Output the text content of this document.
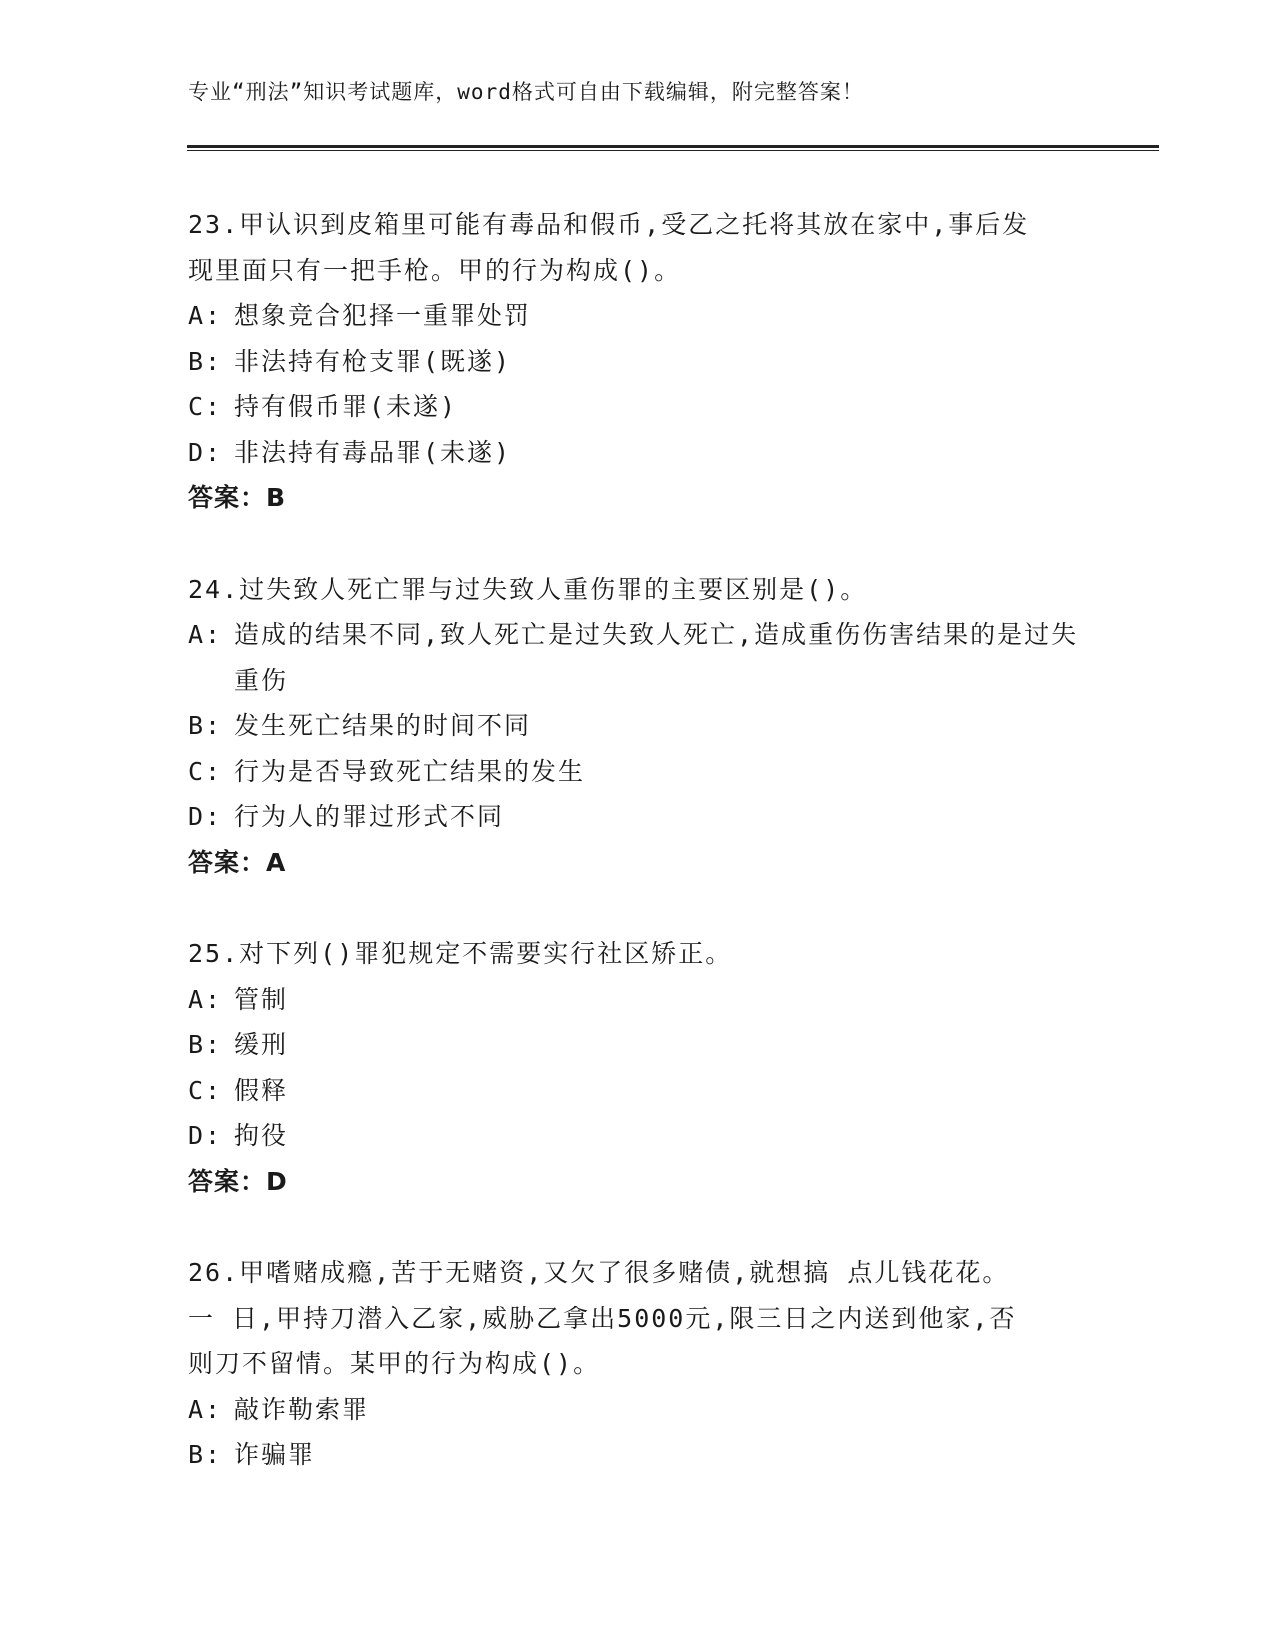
专业“刑法”知识考试题库，word格式可自由下载编辑，附完整答案！
23.甲认识到皮箱里可能有毒品和假币,受乙之托将其放在家中,事后发
现里面只有一把手枪。甲的行为构成()。
A: 想象竞合犯择一重罪处罚
B: 非法持有枪支罪(既遂)
C: 持有假币罪(未遂)
D: 非法持有毒品罪(未遂)
答案：B
24.过失致人死亡罪与过失致人重伤罪的主要区别是()。
A: 造成的结果不同,致人死亡是过失致人死亡,造成重伤伤害结果的是过失重伤
B: 发生死亡结果的时间不同
C: 行为是否导致死亡结果的发生
D: 行为人的罪过形式不同
答案：A
25.对下列()罪犯规定不需要实行社区矫正。
A: 管制
B: 缓刑
C: 假释
D: 拘役
答案：D
26.甲嗜赌成瘾,苦于无赌资,又欠了很多赌债,就想搞 点儿钱花花。
一 日,甲持刀潜入乙家,威胁乙拿出5000元,限三日之内送到他家,否
则刀不留情。某甲的行为构成()。
A: 敲诈勒索罪
B: 诈骗罪
